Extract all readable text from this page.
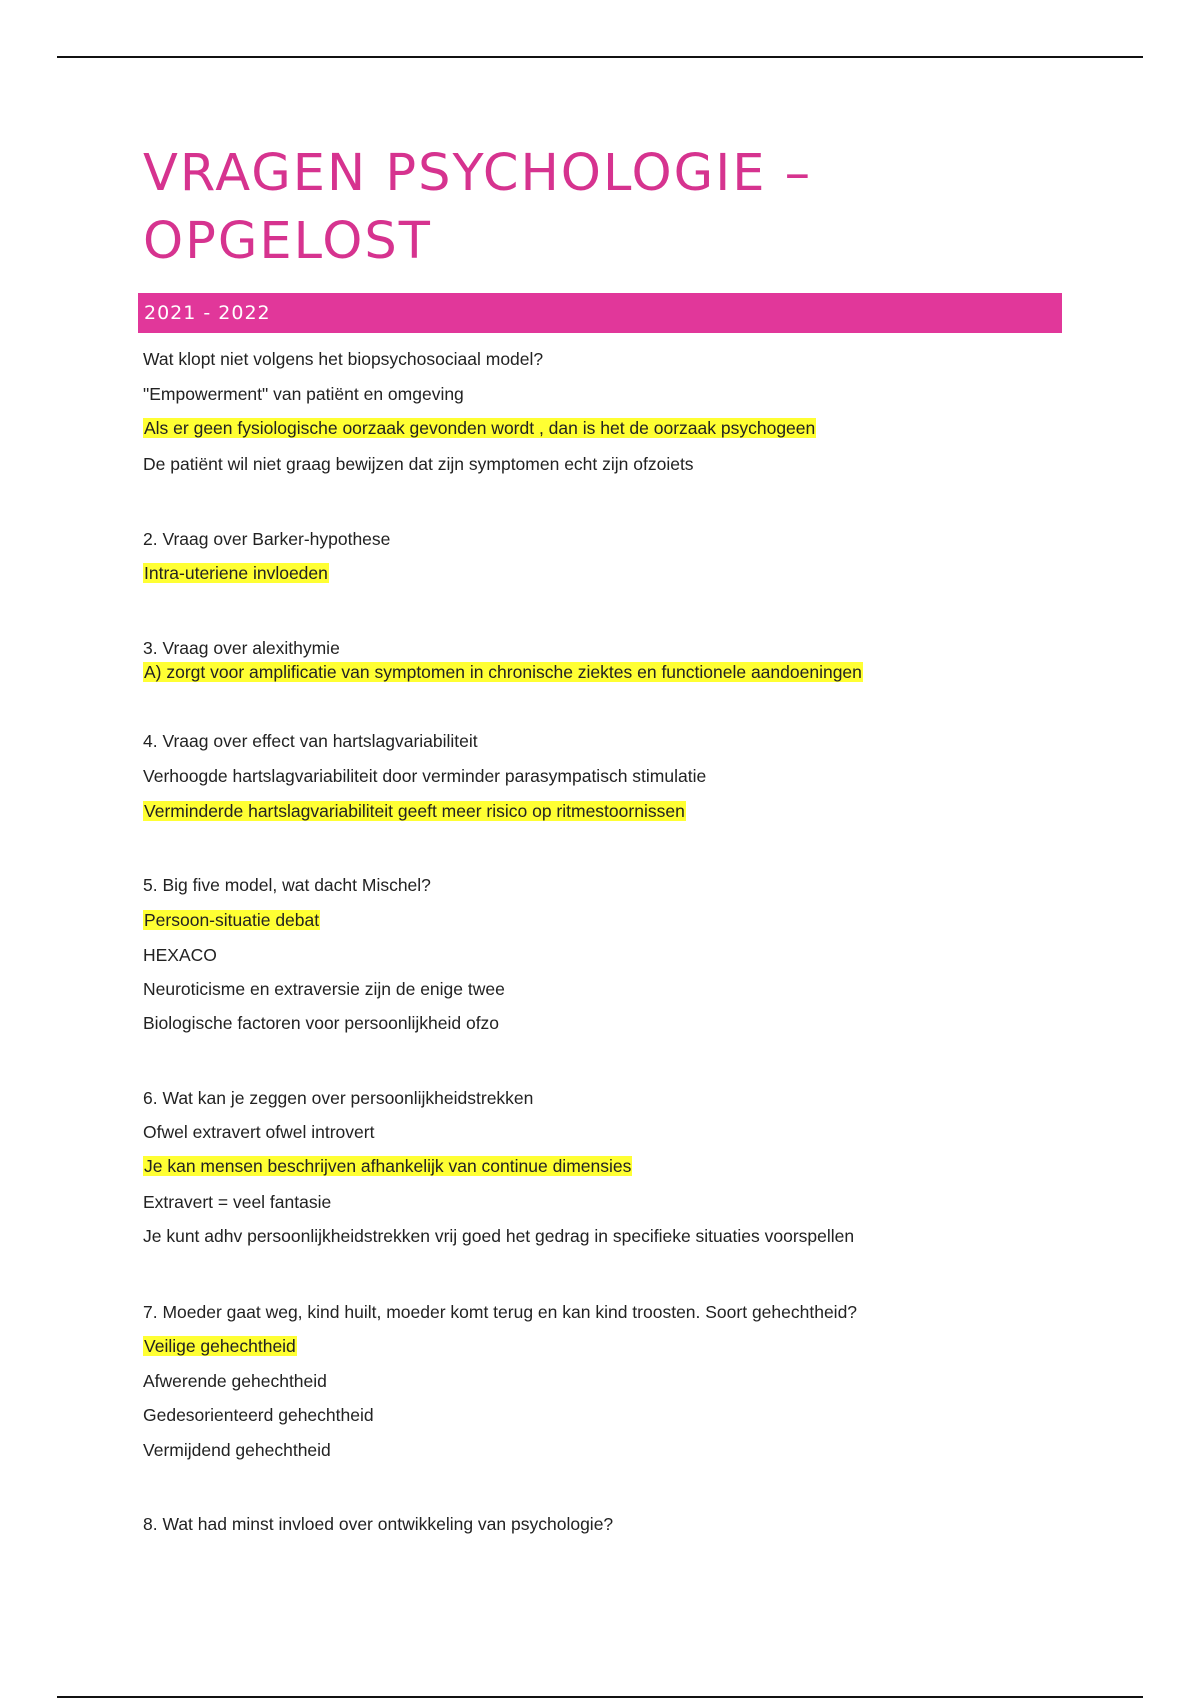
VRAGEN PSYCHOLOGIE –
OPGELOST
2021 - 2022
Wat klopt niet volgens het biopsychosociaal model?
"Empowerment" van patiënt en omgeving
Als er geen fysiologische oorzaak gevonden wordt , dan is het de oorzaak psychogeen
De patiënt wil niet graag bewijzen dat zijn symptomen echt zijn ofzoiets
2. Vraag over Barker-hypothese
Intra-uteriene invloeden
3. Vraag over alexithymie
A) zorgt voor amplificatie van symptomen in chronische ziektes en functionele aandoeningen
4. Vraag over effect van hartslagvariabiliteit
Verhoogde hartslagvariabiliteit door verminder parasympatisch stimulatie
Verminderde hartslagvariabiliteit geeft meer risico op ritmestoornissen
5. Big five model, wat dacht Mischel?
Persoon-situatie debat
HEXACO
Neuroticisme en extraversie zijn de enige twee
Biologische factoren voor persoonlijkheid ofzo
6. Wat kan je zeggen over persoonlijkheidstrekken
Ofwel extravert ofwel introvert
Je kan mensen beschrijven afhankelijk van continue dimensies
Extravert = veel fantasie
Je kunt adhv persoonlijkheidstrekken vrij goed het gedrag in specifieke situaties voorspellen
7. Moeder gaat weg, kind huilt, moeder komt terug en kan kind troosten. Soort gehechtheid?
Veilige gehechtheid
Afwerende gehechtheid
Gedesorienteerd gehechtheid
Vermijdend gehechtheid
8. Wat had minst invloed over ontwikkeling van psychologie?
